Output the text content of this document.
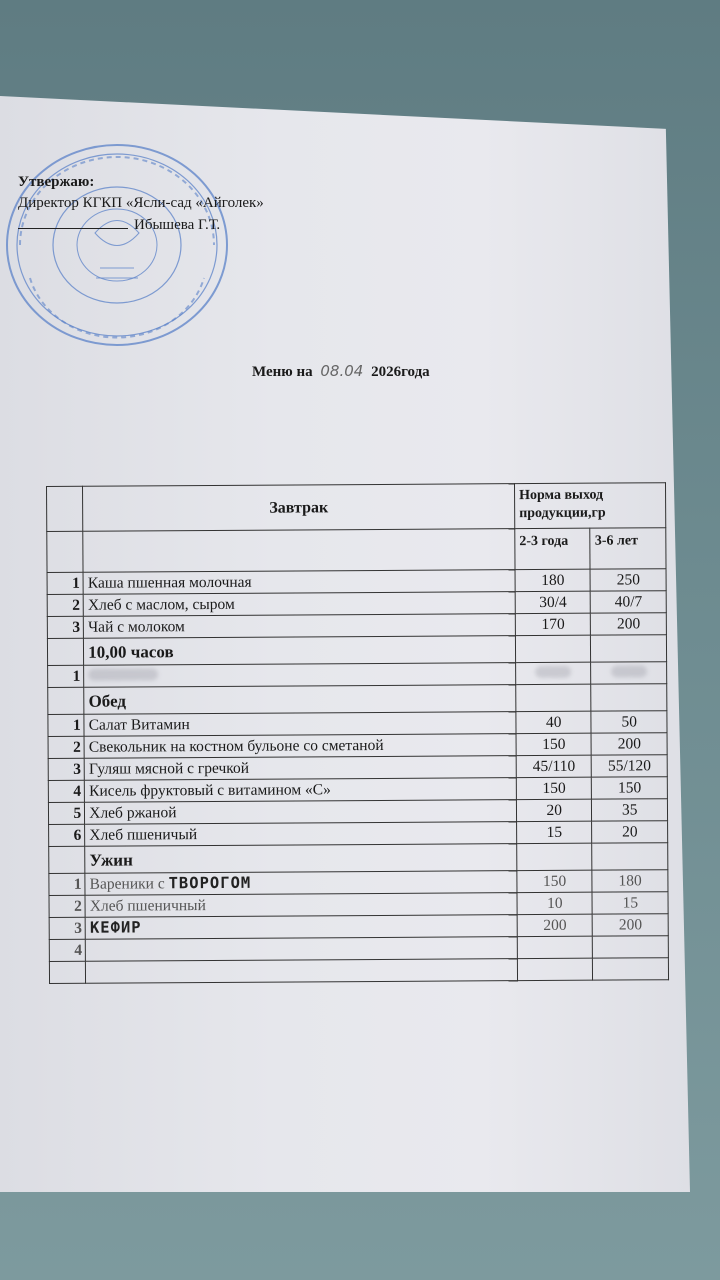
Утвержаю:
Директор КГКП «Ясли-сад «Айголек»
Ибышева Г.Т.
Меню на 08.04 2026года
	Завтрак	Норма выход продукции,гр	
		2-3 года	3-6 лет
1	Каша пшенная молочная	180	250
2	Хлеб с маслом, сыром	30/4	40/7
3	Чай с молоком	170	200
	10,00 часов		
1			
	Обед		
1	Салат Витамин	40	50
2	Свекольник на костном бульоне со сметаной	150	200
3	Гуляш мясной с гречкой	45/110	55/120
4	Кисель фруктовый с витамином «С»	150	150
5	Хлеб ржаной	20	35
6	Хлеб пшеничый	15	20
	Ужин		
1	Вареники с ТВОРОГОМ	150	180
2	Хлеб пшеничный	10	15
3	КЕФИР	200	200
4			
